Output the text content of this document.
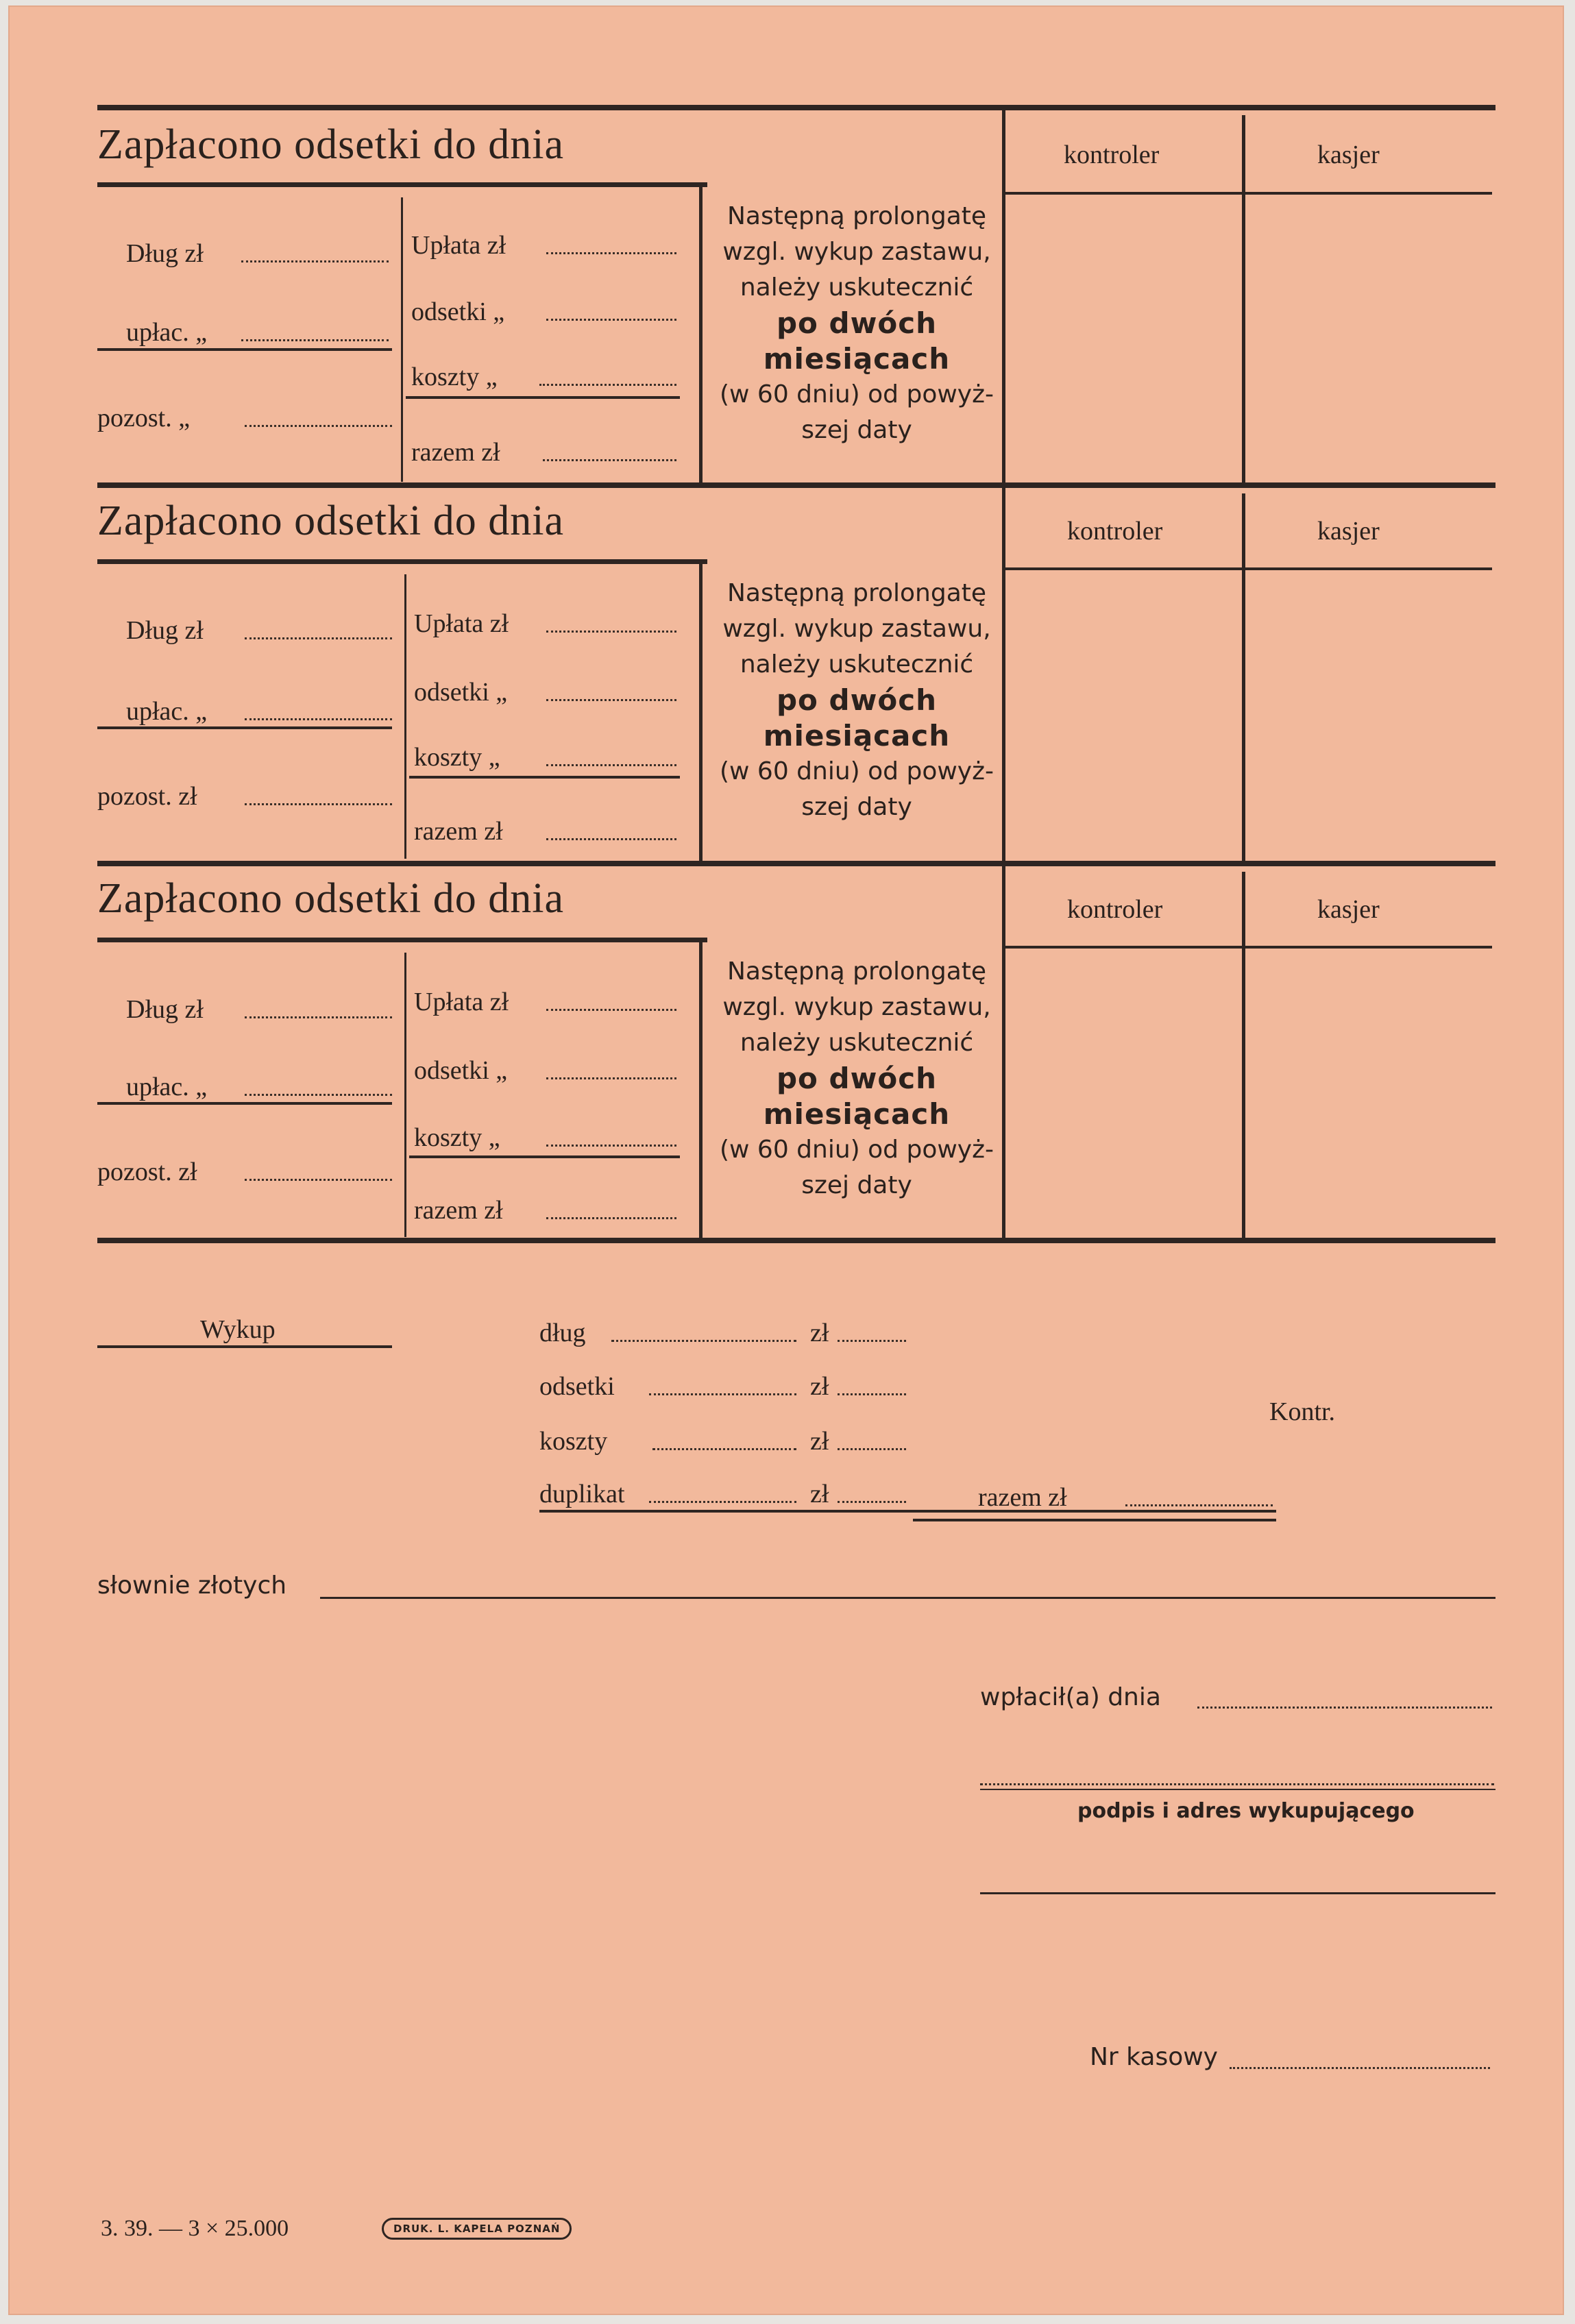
Zapłacono odsetki do dnia	kontroler	kasjer
Dług zł
upłac. „
pozost. „
Upłata zł
odsetki „
koszty „
razem zł
Następną prolongatę
wzgl. wykup zastawu,
należy uskutecznić
po dwóch
miesiącach
(w 60 dniu) od powyż-
szej daty
Zapłacono odsetki do dnia	kontroler	kasjer
Dług zł
upłac. „
pozost. zł
Upłata zł
odsetki „
koszty „
razem zł
Następną prolongatę
wzgl. wykup zastawu,
należy uskutecznić
po dwóch
miesiącach
(w 60 dniu) od powyż-
szej daty
Zapłacono odsetki do dnia	kontroler	kasjer
Dług zł
upłac. „
pozost. zł
Upłata zł
odsetki „
koszty „
razem zł
Następną prolongatę
wzgl. wykup zastawu,
należy uskutecznić
po dwóch
miesiącach
(w 60 dniu) od powyż-
szej daty
Wykup	dług	zł
odsetki	zł
koszty	zł
duplikat	zł	razem zł
Kontr.
słownie złotych
wpłacił(a) dnia
podpis i adres wykupującego
Nr kasowy
3. 39. — 3 × 25.000	DRUK. L. KAPELA POZNAŃ
